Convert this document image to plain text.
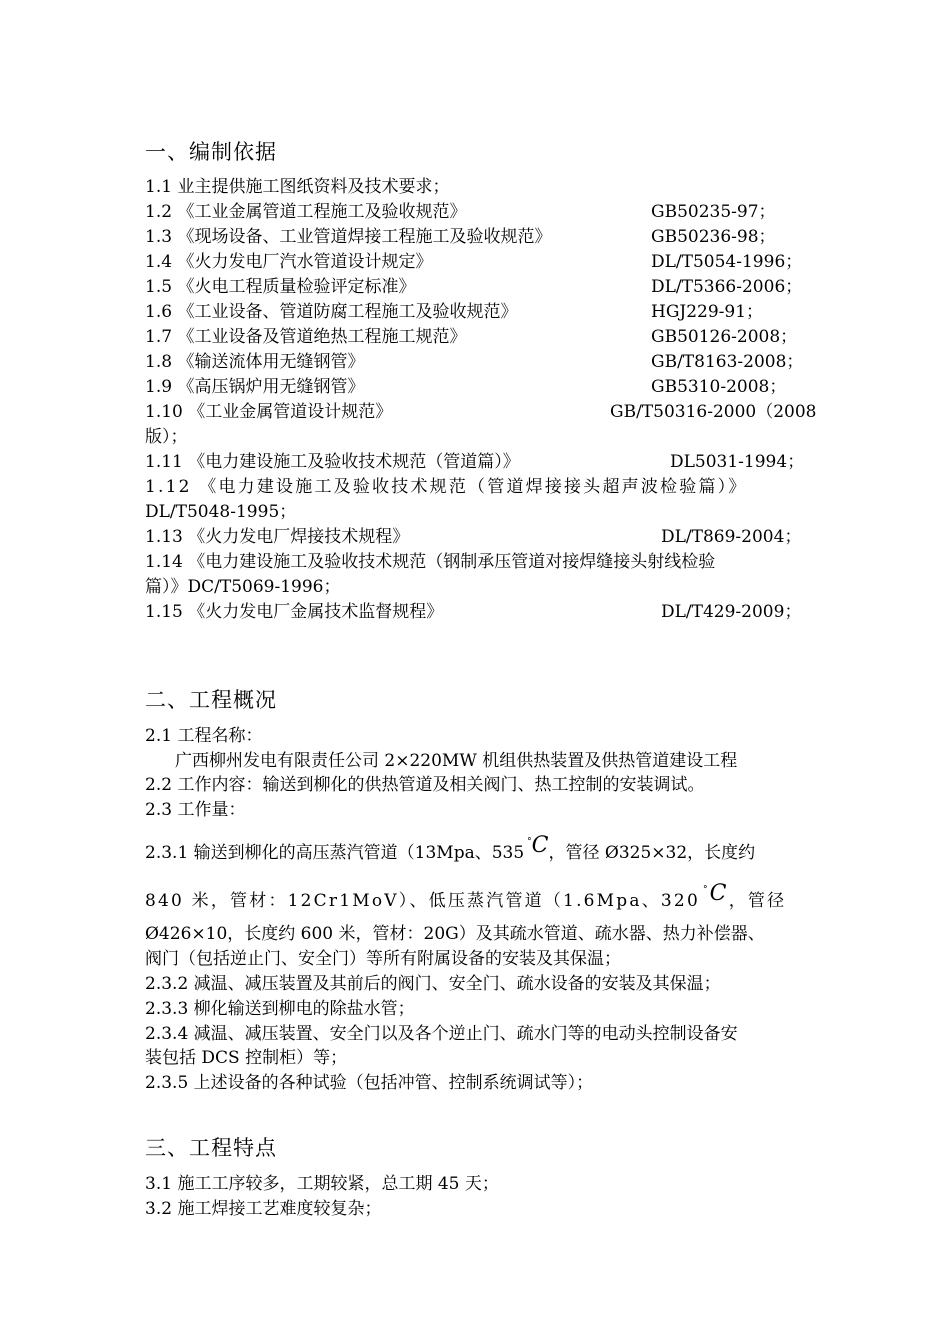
一、编制依据
1.1 业主提供施工图纸资料及技术要求；
1.2 《工业金属管道工程施工及验收规范》	GB50235-97；
1.3 《现场设备、工业管道焊接工程施工及验收规范》	GB50236-98；
1.4 《火力发电厂汽水管道设计规定》	DL/T5054-1996；
1.5 《火电工程质量检验评定标准》	DL/T5366-2006；
1.6 《工业设备、管道防腐工程施工及验收规范》	HGJ229-91；
1.7 《工业设备及管道绝热工程施工规范》	GB50126-2008；
1.8 《输送流体用无缝钢管》	GB/T8163-2008；
1.9 《高压锅炉用无缝钢管》	GB5310-2008；
1.10 《工业金属管道设计规范》	GB/T50316-2000（2008
版）；
1.11 《电力建设施工及验收技术规范（管道篇）》	DL5031-1994；
1.12 《电力建设施工及验收技术规范（管道焊接接头超声波检验篇）》
DL/T5048-1995；
1.13 《火力发电厂焊接技术规程》	DL/T869-2004；
1.14 《电力建设施工及验收技术规范（钢制承压管道对接焊缝接头射线检验
篇）》DC/T5069-1996；
1.15 《火力发电厂金属技术监督规程》	DL/T429-2009；
二、工程概况
2.1 工程名称：
广西柳州发电有限责任公司 2×220MW 机组供热装置及供热管道建设工程
2.2 工作内容：输送到柳化的供热管道及相关阀门、热工控制的安装调试。
2.3 工作量：
2.3.1 输送到柳化的高压蒸汽管道（13Mpa、535°C，管径 Ø325×32，长度约
840 米，管材：12Cr1MoV）、低压蒸汽管道（1.6Mpa、320°C，管径
Ø426×10，长度约 600 米，管材：20G）及其疏水管道、疏水器、热力补偿器、
阀门（包括逆止门、安全门）等所有附属设备的安装及其保温；
2.3.2 减温、减压装置及其前后的阀门、安全门、疏水设备的安装及其保温；
2.3.3 柳化输送到柳电的除盐水管；
2.3.4 减温、减压装置、安全门以及各个逆止门、疏水门等的电动头控制设备安
装包括 DCS 控制柜）等；
2.3.5 上述设备的各种试验（包括冲管、控制系统调试等）；
三、工程特点
3.1 施工工序较多，工期较紧，总工期 45 天；
3.2 施工焊接工艺难度较复杂；
